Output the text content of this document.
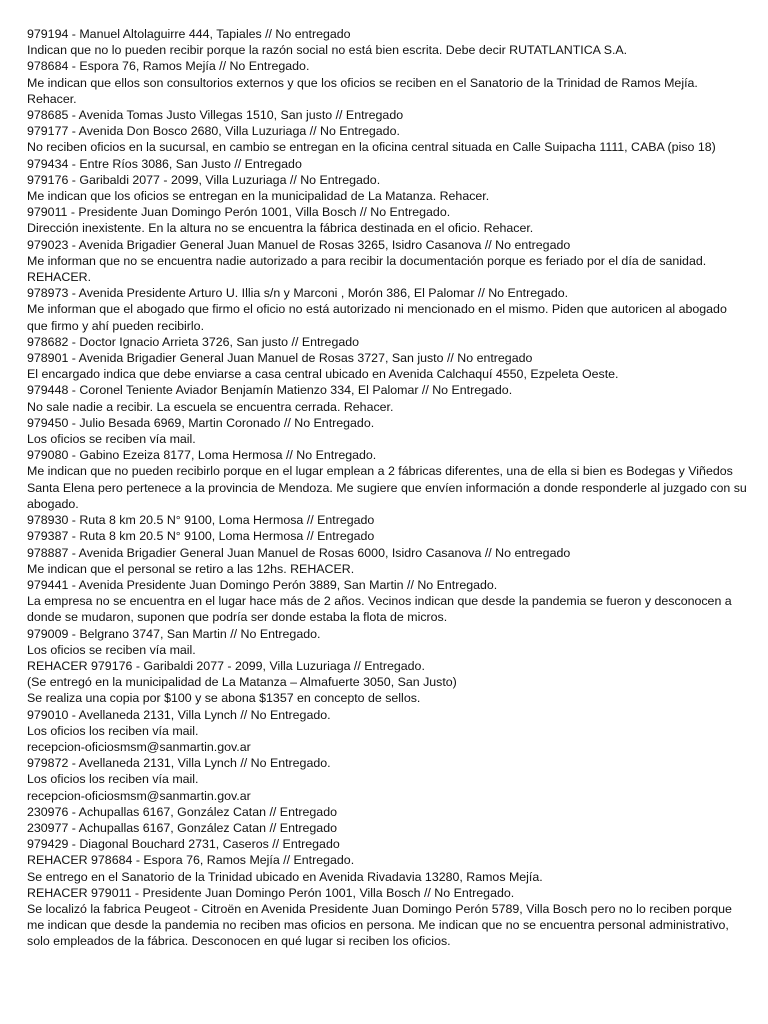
979194 - Manuel Altolaguirre 444, Tapiales // No entregado

Indican que no lo pueden recibir porque la razón social no está bien escrita. Debe decir RUTATLANTICA S.A.

978684 - Espora 76, Ramos Mejía // No Entregado.

Me indican que ellos son consultorios externos y que los oficios se reciben en el Sanatorio de la Trinidad de Ramos Mejía. Rehacer.

978685 - Avenida Tomas Justo Villegas 1510, San justo // Entregado

979177 - Avenida Don Bosco 2680, Villa Luzuriaga // No Entregado.

No reciben oficios en la sucursal, en cambio se entregan en la oficina central situada en Calle Suipacha 1111, CABA (piso 18)

979434 - Entre Ríos 3086, San Justo // Entregado

979176 - Garibaldi 2077 - 2099, Villa Luzuriaga // No Entregado.

Me indican que los oficios se entregan en la municipalidad de La Matanza. Rehacer.

979011 - Presidente Juan Domingo Perón 1001, Villa Bosch // No Entregado.

Dirección inexistente. En la altura no se encuentra la fábrica destinada en el oficio. Rehacer.

979023 - Avenida Brigadier General Juan Manuel de Rosas 3265, Isidro Casanova // No entregado

Me informan que no se encuentra nadie autorizado a para recibir la documentación porque es feriado por el día de sanidad. REHACER.

978973 - Avenida Presidente Arturo U. Illia s/n y Marconi , Morón 386, El Palomar // No Entregado.

Me informan que el abogado que firmo el oficio no está autorizado ni mencionado en el mismo. Piden que autoricen al abogado que firmo y ahí pueden recibirlo.

978682 - Doctor Ignacio Arrieta 3726, San justo // Entregado

978901 - Avenida Brigadier General Juan Manuel de Rosas 3727, San justo // No entregado

El encargado indica que debe enviarse a casa central ubicado en Avenida Calchaquí 4550, Ezpeleta Oeste.

979448 - Coronel Teniente Aviador Benjamín Matienzo 334, El Palomar // No Entregado.

No sale nadie a recibir. La escuela se encuentra cerrada. Rehacer.

979450 - Julio Besada 6969, Martin Coronado // No Entregado.

Los oficios se reciben vía mail.

979080 - Gabino Ezeiza 8177, Loma Hermosa // No Entregado.

Me indican que no pueden recibirlo porque en el lugar emplean a 2 fábricas diferentes, una de ella si bien es Bodegas y Viñedos Santa Elena pero pertenece a la provincia de Mendoza. Me sugiere que envíen información a donde responderle al juzgado con su abogado.

978930 - Ruta 8 km 20.5 N° 9100, Loma Hermosa // Entregado

979387 - Ruta 8 km 20.5 N° 9100, Loma Hermosa // Entregado

978887 - Avenida Brigadier General Juan Manuel de Rosas 6000, Isidro Casanova // No entregado

Me indican que el personal se retiro a las 12hs. REHACER.

979441 - Avenida Presidente Juan Domingo Perón 3889, San Martin // No Entregado.

La empresa no se encuentra en el lugar hace más de 2 años. Vecinos indican que desde la pandemia se fueron y desconocen a donde se mudaron, suponen que podría ser donde estaba la flota de micros.

979009 - Belgrano 3747, San Martin // No Entregado.

Los oficios se reciben vía mail.

REHACER 979176 - Garibaldi 2077 - 2099, Villa Luzuriaga // Entregado.

(Se entregó en la municipalidad de La Matanza – Almafuerte 3050, San Justo)

Se realiza una copia por $100 y se abona $1357 en concepto de sellos.

979010 - Avellaneda 2131, Villa Lynch // No Entregado.

Los oficios los reciben vía mail.

recepcion-oficiosmsm@sanmartin.gov.ar

979872 - Avellaneda 2131, Villa Lynch // No Entregado.

Los oficios los reciben vía mail.

recepcion-oficiosmsm@sanmartin.gov.ar

230976 - Achupallas 6167, González Catan // Entregado

230977 - Achupallas 6167, González Catan // Entregado

979429 - Diagonal Bouchard 2731, Caseros // Entregado

REHACER 978684 - Espora 76, Ramos Mejía // Entregado.

Se entrego en el Sanatorio de la Trinidad ubicado en Avenida Rivadavia 13280, Ramos Mejía.

REHACER 979011 - Presidente Juan Domingo Perón 1001, Villa Bosch // No Entregado.

Se localizó la fabrica Peugeot - Citroën en Avenida Presidente Juan Domingo Perón 5789, Villa Bosch pero no lo reciben porque me indican que desde la pandemia no reciben mas oficios en persona. Me indican que no se encuentra personal administrativo, solo empleados de la fábrica. Desconocen en qué lugar si reciben los oficios.
